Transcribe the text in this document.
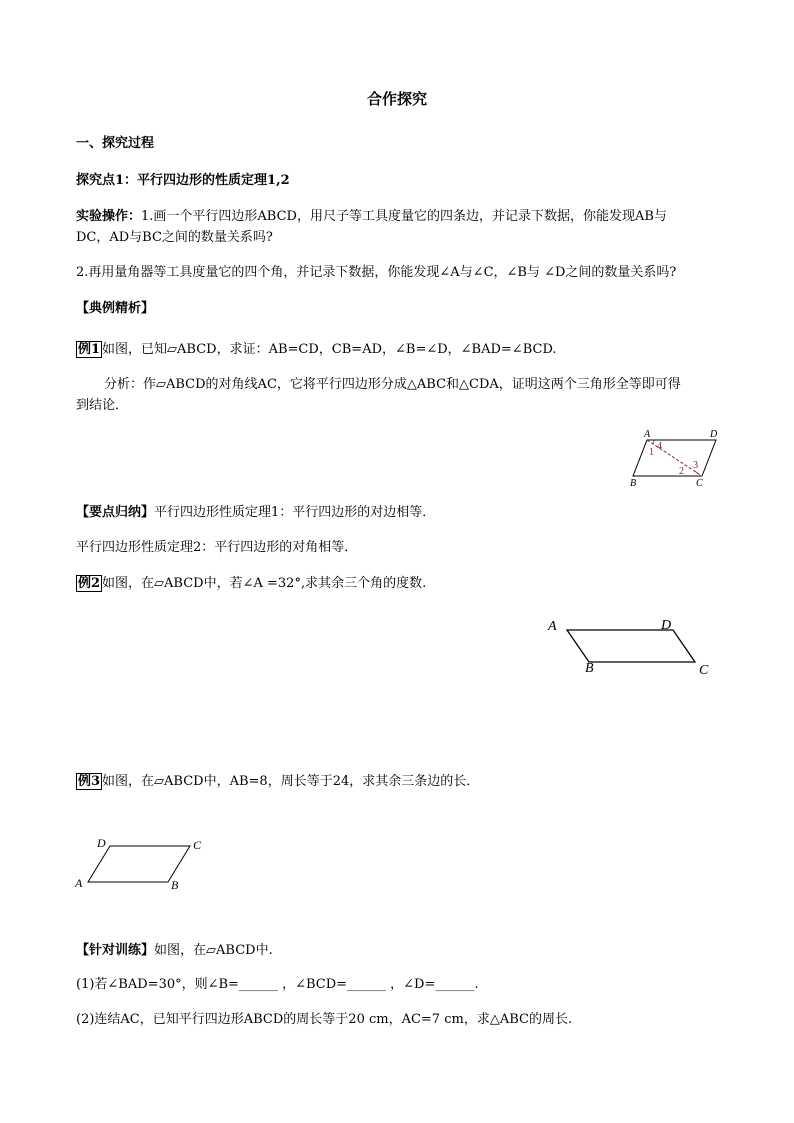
合作探究
一、探究过程
探究点1：平行四边形的性质定理1,2
实验操作：1.画一个平行四边形ABCD，用尺子等工具度量它的四条边，并记录下数据，你能发现AB与
DC，AD与BC之间的数量关系吗?
2.再用量角器等工具度量它的四个角，并记录下数据，你能发现∠A与∠C，∠B与 ∠D之间的数量关系吗?
【典例精析】
例1 如图，已知▱ABCD，求证：AB=CD，CB=AD，∠B=∠D，∠BAD=∠BCD.
分析：作▱ABCD的对角线AC，它将平行四边形分成△ABC和△CDA，证明这两个三角形全等即可得
到结论．
A	D
B	C
4
1
2
3
【要点归纳】平行四边形性质定理1：平行四边形的对边相等．
平行四边形性质定理2：平行四边形的对角相等．
例2 如图，在▱ABCD中，若∠A =32°,求其余三个角的度数.
A	D
B	C
例3 如图，在▱ABCD中，AB=8，周长等于24，求其余三条边的长．
D	C
A	B
【针对训练】如图，在▱ABCD中.
(1)若∠BAD=30°，则∠B=______ ，∠BCD=______ ，∠D=______.
(2)连结AC，已知平行四边形ABCD的周长等于20 cm，AC=7 cm，求△ABC的周长.
